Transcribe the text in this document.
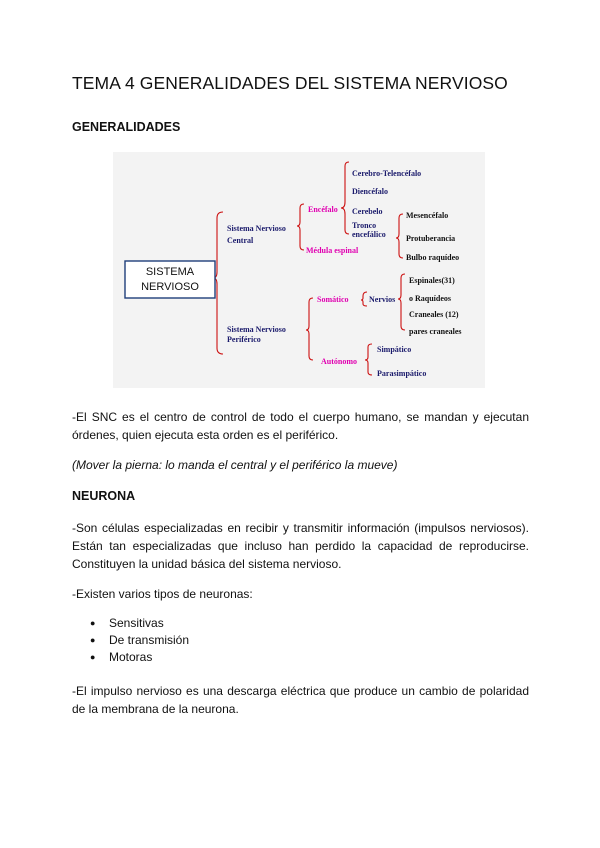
TEMA 4 GENERALIDADES DEL SISTEMA NERVIOSO
GENERALIDADES
SISTEMA
NERVIOSO
Sistema Nervioso
Central
Sistema Nervioso
Periférico
Encéfalo
Médula espinal
Cerebro-Telencéfalo
Diencéfalo
Cerebelo
Tronco
encefálico
Mesencéfalo
Protuberancia
Bulbo raquídeo
Somático	Nervios
Espinales(31)
o Raquídeos
Craneales (12)
pares craneales
Autónomo
Simpático
Parasimpático

-El SNC es el centro de control de todo el cuerpo humano, se mandan y ejecutan órdenes, quien ejecuta esta orden es el periférico.

(Mover la pierna: lo manda el central y el periférico la mueve)

NEURONA

-Son células especializadas en recibir y transmitir información (impulsos nerviosos). Están tan especializadas que incluso han perdido la capacidad de reproducirse. Constituyen la unidad básica del sistema nervioso.

-Existen varios tipos de neuronas:

● Sensitivas
● De transmisión
● Motoras

-El impulso nervioso es una descarga eléctrica que produce un cambio de polaridad de la membrana de la neurona.
